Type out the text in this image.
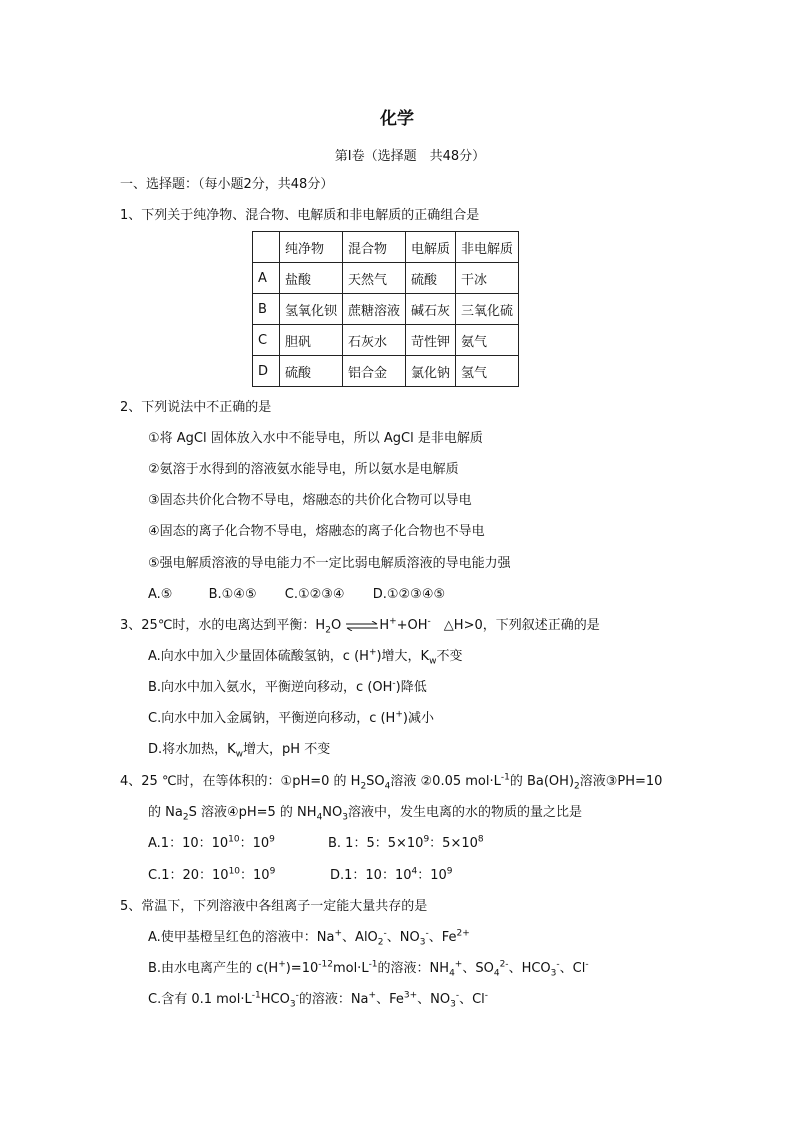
化学
第Ⅰ卷（选择题　共48分）
一、选择题：（每小题2分，共48分）
1、下列关于纯净物、混合物、电解质和非电解质的正确组合是
	纯净物	混合物	电解质	非电解质
A	盐酸	天然气	硫酸	干冰
B	氢氧化钡	蔗糖溶液	碱石灰	三氧化硫
C	胆矾	石灰水	苛性钾	氨气
D	硫酸	铝合金	氯化钠	氢气
2、下列说法中不正确的是
①将 AgCl 固体放入水中不能导电，所以 AgCl 是非电解质
②氨溶于水得到的溶液氨水能导电，所以氨水是电解质
③固态共价化合物不导电，熔融态的共价化合物可以导电
④固态的离子化合物不导电，熔融态的离子化合物也不导电
⑤强电解质溶液的导电能力不一定比弱电解质溶液的导电能力强
A.⑤	B.①④⑤ C.①②③④ D.①②③④⑤
3、25℃时，水的电离达到平衡：$H_2O$ ⇌H++OH-　△H>0，下列叙述正确的是
A.向水中加入少量固体硫酸氢钠，c (H+)增大，$K_w$不变
B.向水中加入氨水，平衡逆向移动，c (OH-)降低
C.向水中加入金属钠，平衡逆向移动，c (H+)减小
D.将水加热，$K_w$增大，pH 不变
4、25 ℃时，在等体积的：①pH=0 的 $H_2SO_4$溶液 ②0.05 $mol\cdot L^{-1}$的 $Ba(OH)_2$溶液③PH=10
的 $Na_2S$ 溶液④pH=5 的 $NH_4NO_3$溶液中，发生电离的水的物质的量之比是
A.1：10：$10^{10}$：$10^9$	B. 1：5：$5\times 10^9$：$5\times 10^8$
C.1：20：$10^{10}$：$10^9$	D.1：10：$10^4$：$10^9$
5、常温下，下列溶液中各组离子一定能大量共存的是
A.使甲基橙呈红色的溶液中：Na+、AlO$_2$-、$NO_3^-$、$Fe^{2+}$
B.由水电离产生的 $c(H^+)=10^{-12}mol\cdot L^{-1}$的溶液：$NH_4^+$、$SO_4^{2-}$、$HCO_3^-$、Cl-
C.含有 0.1 $mol\cdot L^{-1}HCO_3^-$的溶液：Na+、$Fe^{3+}$、$NO_3^-$、Cl-
